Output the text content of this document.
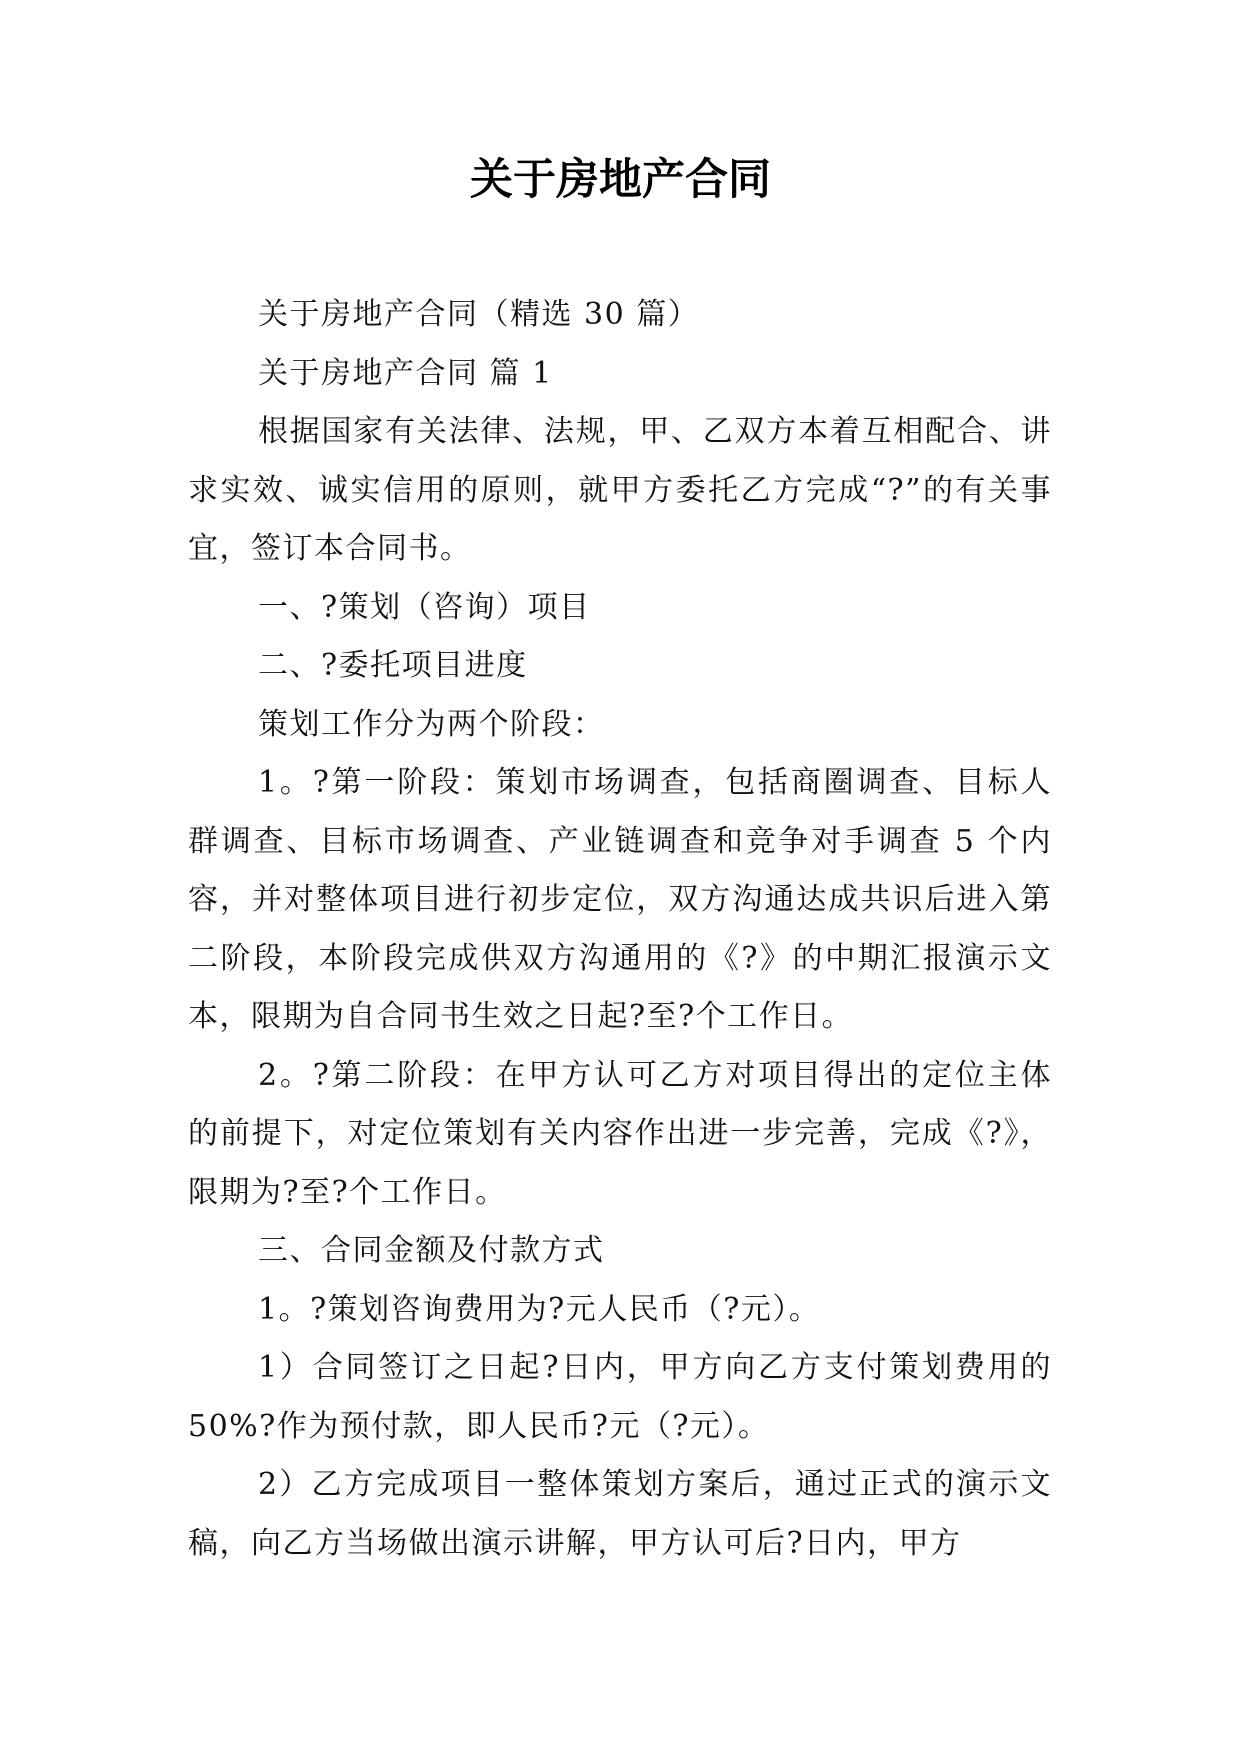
关于房地产合同

关于房地产合同（精选 30 篇）

关于房地产合同 篇 1

根据国家有关法律、法规，甲、乙双方本着互相配合、讲求实效、诚实信用的原则，就甲方委托乙方完成“?”的有关事宜，签订本合同书。

一、?策划（咨询）项目

二、?委托项目进度

策划工作分为两个阶段：

1。?第一阶段：策划市场调查，包括商圈调查、目标人群调查、目标市场调查、产业链调查和竞争对手调查 5 个内容，并对整体项目进行初步定位，双方沟通达成共识后进入第二阶段，本阶段完成供双方沟通用的《?》的中期汇报演示文本，限期为自合同书生效之日起?至?个工作日。

2。?第二阶段：在甲方认可乙方对项目得出的定位主体的前提下，对定位策划有关内容作出进一步完善，完成《?》，限期为?至?个工作日。

三、合同金额及付款方式

1。?策划咨询费用为?元人民币（?元）。

1）合同签订之日起?日内，甲方向乙方支付策划费用的 50%?作为预付款，即人民币?元（?元）。

2）乙方完成项目一整体策划方案后，通过正式的演示文稿，向乙方当场做出演示讲解，甲方认可后?日内，甲方
